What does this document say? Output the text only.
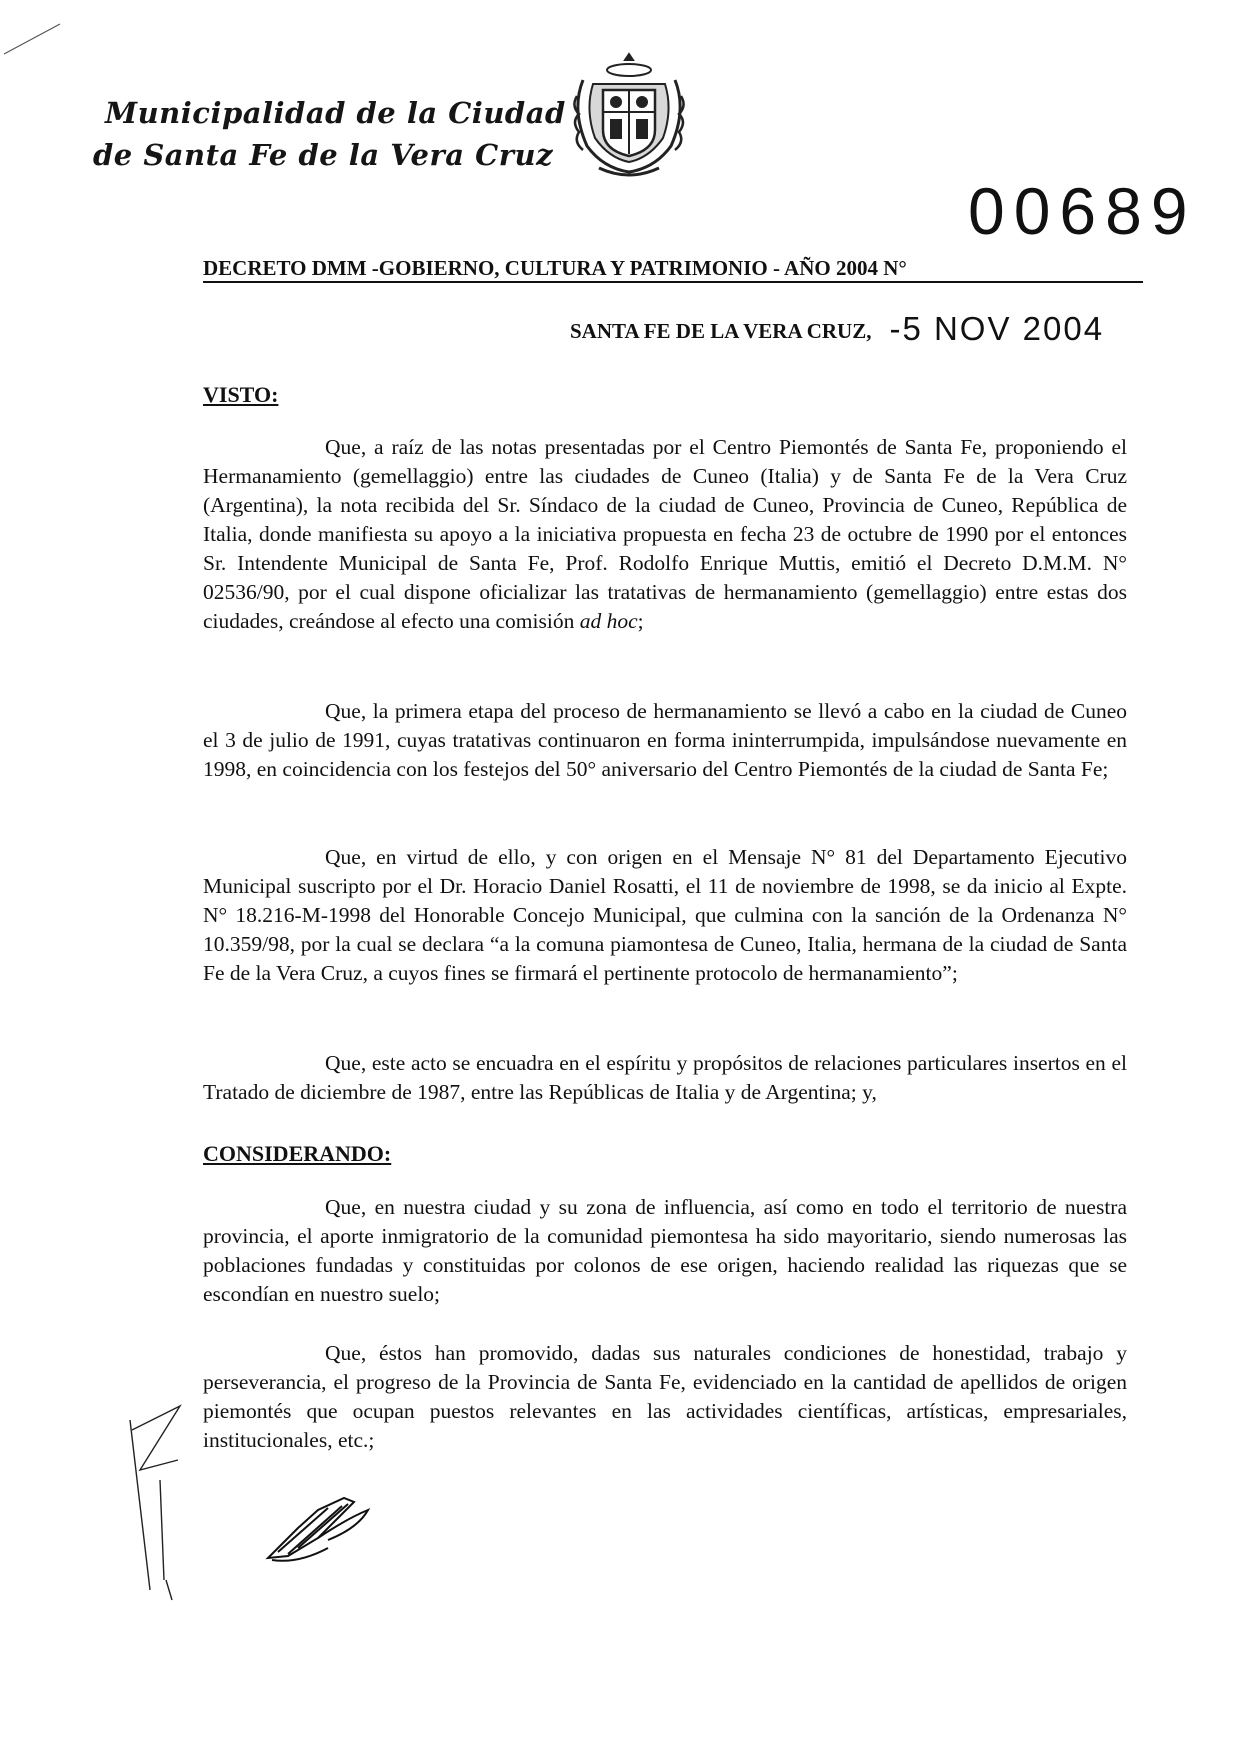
Municipalidad de la Ciudad
de Santa Fe de la Vera Cruz
00689
DECRETO DMM -GOBIERNO, CULTURA Y PATRIMONIO - AÑO 2004 N°
SANTA FE DE LA VERA CRUZ, -5 NOV 2004
VISTO:

Que, a raíz de las notas presentadas por el Centro Piemontés de Santa Fe, proponiendo el Hermanamiento (gemellaggio) entre las ciudades de Cuneo (Italia) y de Santa Fe de la Vera Cruz (Argentina), la nota recibida del Sr. Síndaco de la ciudad de Cuneo, Provincia de Cuneo, República de Italia, donde manifiesta su apoyo a la iniciativa propuesta en fecha 23 de octubre de 1990 por el entonces Sr. Intendente Municipal de Santa Fe, Prof. Rodolfo Enrique Muttis, emitió el Decreto D.M.M. N° 02536/90, por el cual dispone oficializar las tratativas de hermanamiento (gemellaggio) entre estas dos ciudades, creándose al efecto una comisión ad hoc;

Que, la primera etapa del proceso de hermanamiento se llevó a cabo en la ciudad de Cuneo el 3 de julio de 1991, cuyas tratativas continuaron en forma ininterrumpida, impulsándose nuevamente en 1998, en coincidencia con los festejos del 50° aniversario del Centro Piemontés de la ciudad de Santa Fe;

Que, en virtud de ello, y con origen en el Mensaje N° 81 del Departamento Ejecutivo Municipal suscripto por el Dr. Horacio Daniel Rosatti, el 11 de noviembre de 1998, se da inicio al Expte. N° 18.216-M-1998 del Honorable Concejo Municipal, que culmina con la sanción de la Ordenanza N° 10.359/98, por la cual se declara “a la comuna piamontesa de Cuneo, Italia, hermana de la ciudad de Santa Fe de la Vera Cruz, a cuyos fines se firmará el pertinente protocolo de hermanamiento”;

Que, este acto se encuadra en el espíritu y propósitos de relaciones particulares insertos en el Tratado de diciembre de 1987, entre las Repúblicas de Italia y de Argentina; y,

CONSIDERANDO:

Que, en nuestra ciudad y su zona de influencia, así como en todo el territorio de nuestra provincia, el aporte inmigratorio de la comunidad piemontesa ha sido mayoritario, siendo numerosas las poblaciones fundadas y constituidas por colonos de ese origen, haciendo realidad las riquezas que se escondían en nuestro suelo;

Que, éstos han promovido, dadas sus naturales condiciones de honestidad, trabajo y perseverancia, el progreso de la Provincia de Santa Fe, evidenciado en la cantidad de apellidos de origen piemontés que ocupan puestos relevantes en las actividades científicas, artísticas, empresariales, institucionales, etc.;
